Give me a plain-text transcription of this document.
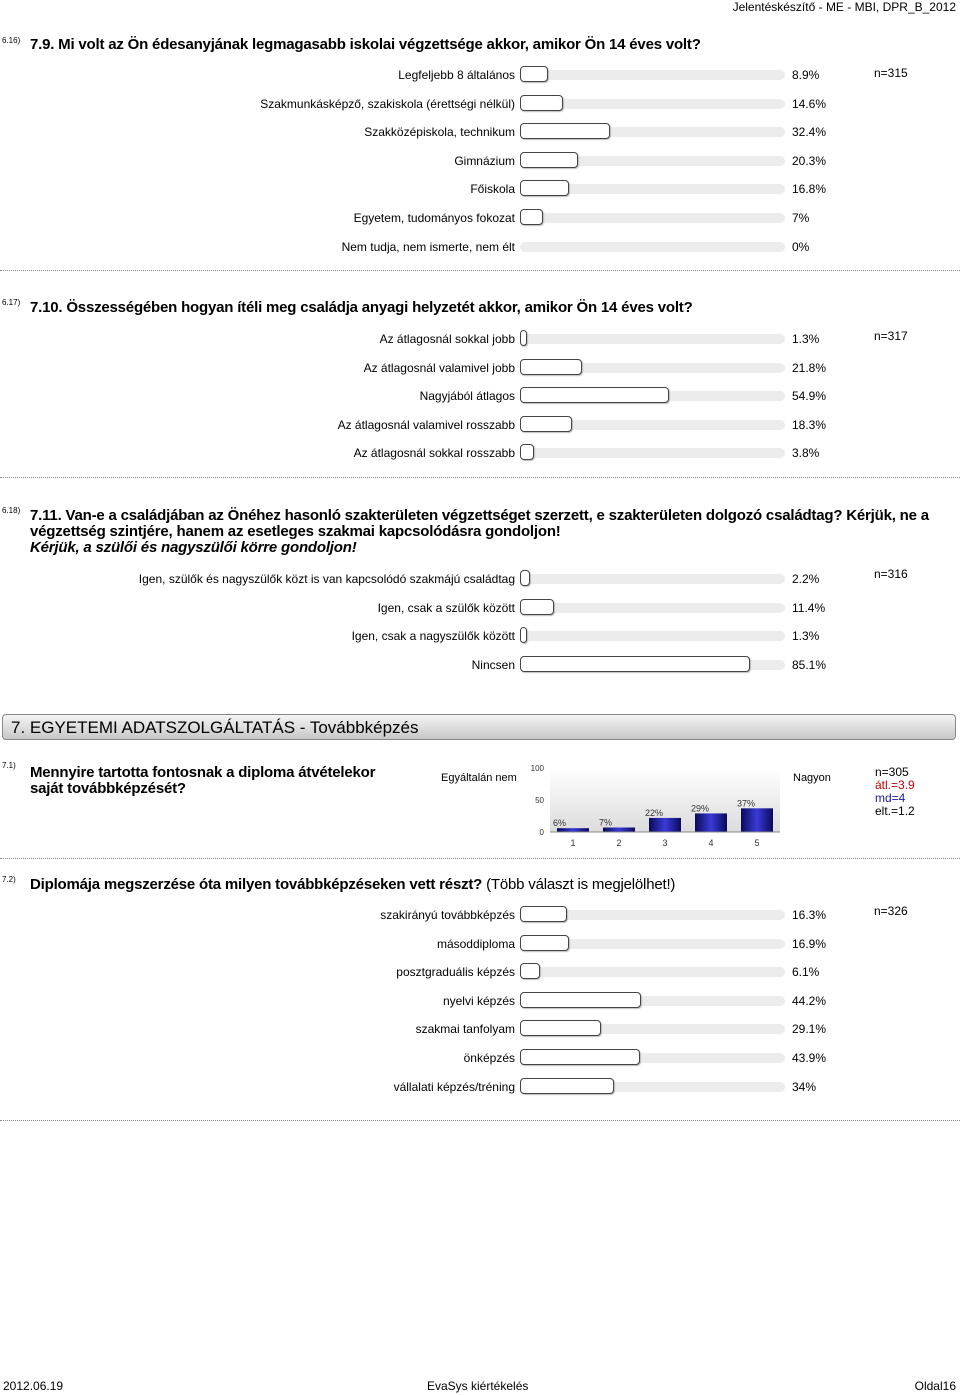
Jelentéskészítő - ME - MBI, DPR_B_2012
6.16) 7.9. Mi volt az Ön édesanyjának legmagasabb iskolai végzettsége akkor, amikor Ön 14 éves volt?
n=315
Legfeljebb 8 általános	8.9%
Szakmunkásképző, szakiskola (érettségi nélkül)	14.6%
Szakközépiskola, technikum	32.4%
Gimnázium	20.3%
Főiskola	16.8%
Egyetem, tudományos fokozat	7%
Nem tudja, nem ismerte, nem élt	0%
6.17) 7.10. Összességében hogyan ítéli meg családja anyagi helyzetét akkor, amikor Ön 14 éves volt?
n=317
Az átlagosnál sokkal jobb	1.3%
Az átlagosnál valamivel jobb	21.8%
Nagyjából átlagos	54.9%
Az átlagosnál valamivel rosszabb	18.3%
Az átlagosnál sokkal rosszabb	3.8%
6.18) 7.11. Van-e a családjában az Önéhez hasonló szakterületen végzettséget szerzett, e szakterületen dolgozó családtag? Kérjük, ne a végzettség szintjére, hanem az esetleges szakmai kapcsolódásra gondoljon!
Kérjük, a szülői és nagyszülői körre gondoljon!
n=316
Igen, szülők és nagyszülők közt is van kapcsolódó szakmájú családtag	2.2%
Igen, csak a szülők között	11.4%
Igen, csak a nagyszülők között	1.3%
Nincsen	85.1%
7. EGYETEMI ADATSZOLGÁLTATÁS - Továbbképzés
7.1) Mennyire tartotta fontosnak a diploma átvételekor saját továbbképzését?
Egyáltalán nem	Nagyon
100
50
0
6%
1
7%
2
22%
3
29%
4
37%
5
n=305
átl.=3.9
md=4
elt.=1.2
7.2) Diplomája megszerzése óta milyen továbbképzéseken vett részt? (Több választ is megjelölhet!)
n=326
szakirányú továbbképzés	16.3%
másoddiploma	16.9%
posztgraduális képzés	6.1%
nyelvi képzés	44.2%
szakmai tanfolyam	29.1%
önképzés	43.9%
vállalati képzés/tréning	34%
2012.06.19	EvaSys kiértékelés	Oldal16
